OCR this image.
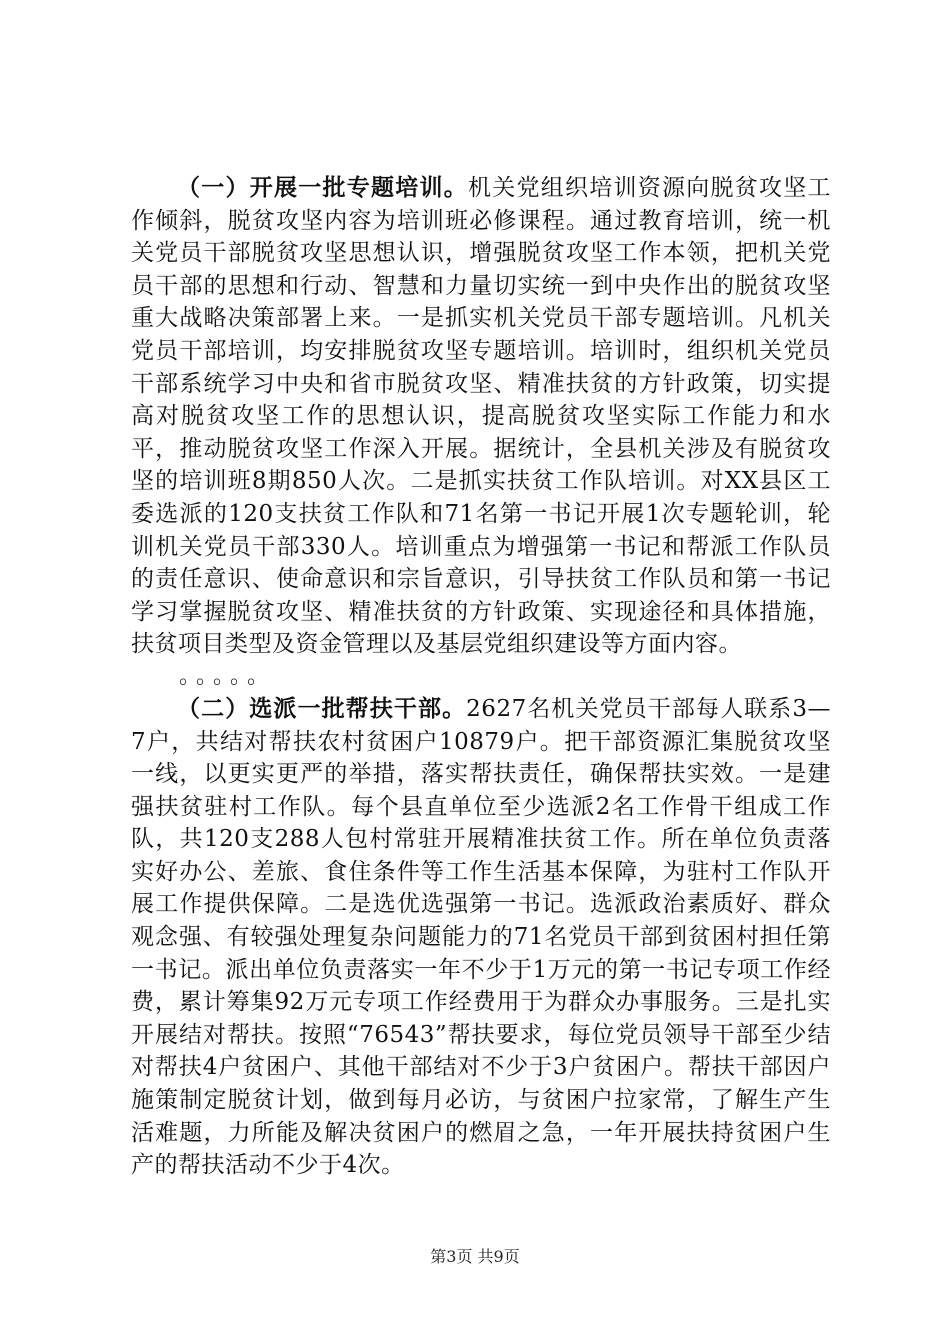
（一）开展一批专题培训。机关党组织培训资源向脱贫攻坚工作倾斜，脱贫攻坚内容为培训班必修课程。通过教育培训，统一机关党员干部脱贫攻坚思想认识，增强脱贫攻坚工作本领，把机关党员干部的思想和行动、智慧和力量切实统一到中央作出的脱贫攻坚重大战略决策部署上来。一是抓实机关党员干部专题培训。凡机关党员干部培训，均安排脱贫攻坚专题培训。培训时，组织机关党员干部系统学习中央和省市脱贫攻坚、精准扶贫的方针政策，切实提高对脱贫攻坚工作的思想认识，提高脱贫攻坚实际工作能力和水平，推动脱贫攻坚工作深入开展。据统计，全县机关涉及有脱贫攻坚的培训班8期850人次。二是抓实扶贫工作队培训。对XX县区工委选派的120支扶贫工作队和71名第一书记开展1次专题轮训，轮训机关党员干部330人。培训重点为增强第一书记和帮派工作队员的责任意识、使命意识和宗旨意识，引导扶贫工作队员和第一书记学习掌握脱贫攻坚、精准扶贫的方针政策、实现途径和具体措施，扶贫项目类型及资金管理以及基层党组织建设等方面内容。

。。。。。

（二）选派一批帮扶干部。2627名机关党员干部每人联系3—7户，共结对帮扶农村贫困户10879户。把干部资源汇集脱贫攻坚一线，以更实更严的举措，落实帮扶责任，确保帮扶实效。一是建强扶贫驻村工作队。每个县直单位至少选派2名工作骨干组成工作队，共120支288人包村常驻开展精准扶贫工作。所在单位负责落实好办公、差旅、食住条件等工作生活基本保障，为驻村工作队开展工作提供保障。二是选优选强第一书记。选派政治素质好、群众观念强、有较强处理复杂问题能力的71名党员干部到贫困村担任第一书记。派出单位负责落实一年不少于1万元的第一书记专项工作经费，累计筹集92万元专项工作经费用于为群众办事服务。三是扎实开展结对帮扶。按照“76543”帮扶要求，每位党员领导干部至少结对帮扶4户贫困户、其他干部结对不少于3户贫困户。帮扶干部因户施策制定脱贫计划，做到每月必访，与贫困户拉家常，了解生产生活难题，力所能及解决贫困户的燃眉之急，一年开展扶持贫困户生产的帮扶活动不少于4次。

第3页 共9页
